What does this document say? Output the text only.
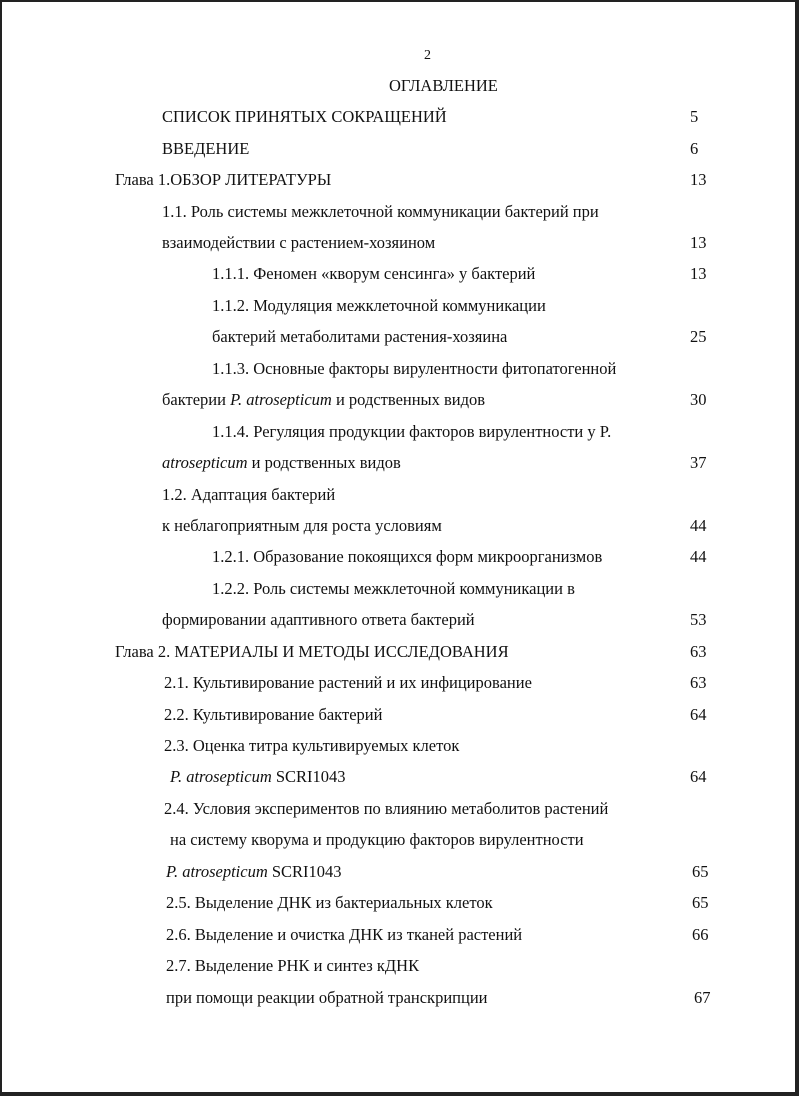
2
ОГЛАВЛЕНИЕ
СПИСОК ПРИНЯТЫХ СОКРАЩЕНИЙ	5
ВВЕДЕНИЕ	6
Глава 1.ОБЗОР ЛИТЕРАТУРЫ	13
1.1. Роль системы межклеточной коммуникации бактерий при
взаимодействии с растением-хозяином	13
1.1.1. Феномен «кворум сенсинга» у бактерий	13
1.1.2. Модуляция межклеточной коммуникации
бактерий метаболитами растения-хозяина	25
1.1.3. Основные факторы вирулентности фитопатогенной
бактерии P. atrosepticum и родственных видов	30
1.1.4. Регуляция продукции факторов вирулентности у P.
atrosepticum и родственных видов	37
1.2. Адаптация бактерий
к неблагоприятным для роста условиям	44
1.2.1. Образование покоящихся форм микроорганизмов	44
1.2.2. Роль системы межклеточной коммуникации в
формировании адаптивного ответа бактерий	53
Глава 2. МАТЕРИАЛЫ И МЕТОДЫ ИССЛЕДОВАНИЯ	63
2.1. Культивирование растений и их инфицирование	63
2.2. Культивирование бактерий	64
2.3. Оценка титра культивируемых клеток
P. atrosepticum SCRI1043	64
2.4. Условия экспериментов по влиянию метаболитов растений
на систему кворума и продукцию факторов вирулентности
P. atrosepticum SCRI1043	65
2.5. Выделение ДНК из бактериальных клеток	65
2.6. Выделение и очистка ДНК из тканей растений	66
2.7. Выделение РНК и синтез кДНК
при помощи реакции обратной транскрипции	67
